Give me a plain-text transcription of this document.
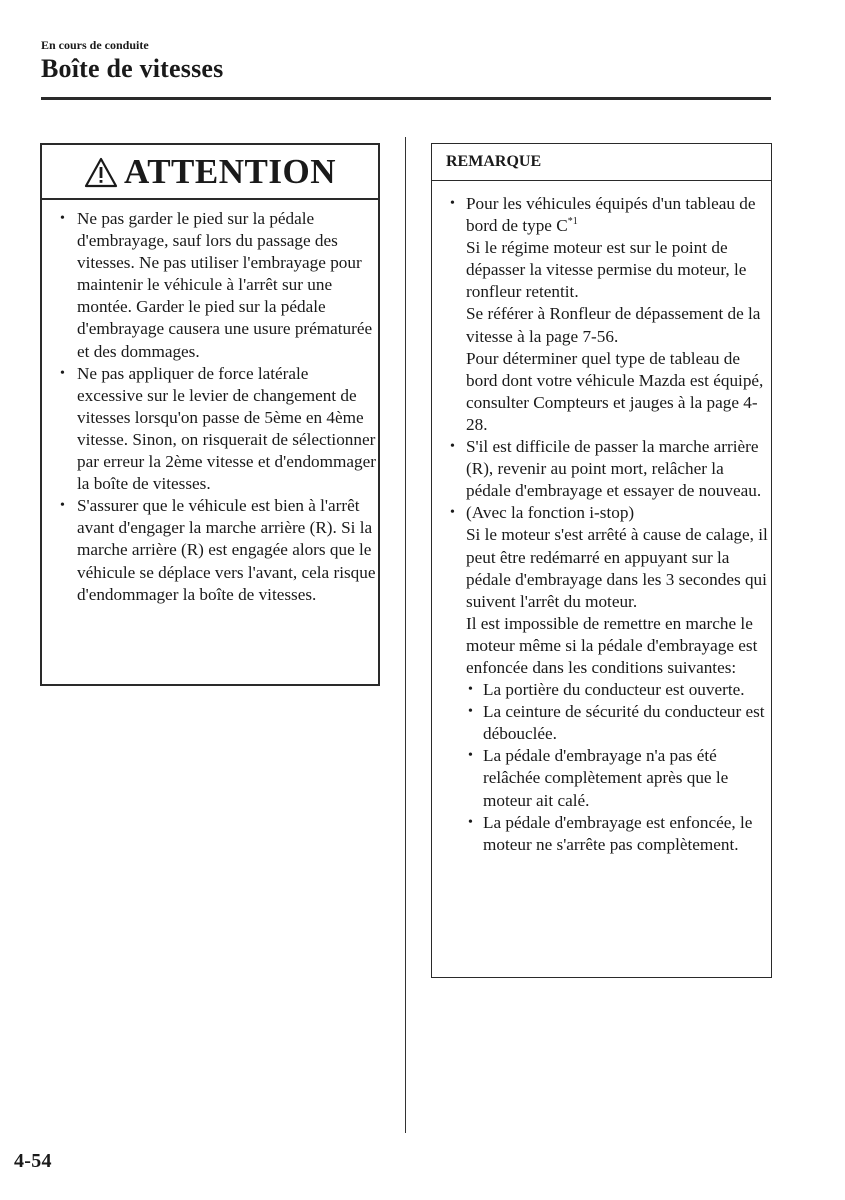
En cours de conduite
Boîte de vitesses
ATTENTION
• Ne pas garder le pied sur la pédale d'embrayage, sauf lors du passage des vitesses. Ne pas utiliser l'embrayage pour maintenir le véhicule à l'arrêt sur une montée. Garder le pied sur la pédale d'embrayage causera une usure prématurée et des dommages.
• Ne pas appliquer de force latérale excessive sur le levier de changement de vitesses lorsqu'on passe de 5ème en 4ème vitesse. Sinon, on risquerait de sélectionner par erreur la 2ème vitesse et d'endommager la boîte de vitesses.
• S'assurer que le véhicule est bien à l'arrêt avant d'engager la marche arrière (R). Si la marche arrière (R) est engagée alors que le véhicule se déplace vers l'avant, cela risque d'endommager la boîte de vitesses.
REMARQUE
• Pour les véhicules équipés d'un tableau de bord de type $C^{*1}$
Si le régime moteur est sur le point de dépasser la vitesse permise du moteur, le ronfleur retentit.
Se référer à Ronfleur de dépassement de la vitesse à la page 7-56.
Pour déterminer quel type de tableau de bord dont votre véhicule Mazda est équipé, consulter Compteurs et jauges à la page 4-28.
• S'il est difficile de passer la marche arrière (R), revenir au point mort, relâcher la pédale d'embrayage et essayer de nouveau.
• (Avec la fonction i-stop)
Si le moteur s'est arrêté à cause de calage, il peut être redémarré en appuyant sur la pédale d'embrayage dans les 3 secondes qui suivent l'arrêt du moteur.
Il est impossible de remettre en marche le moteur même si la pédale d'embrayage est enfoncée dans les conditions suivantes:
• La portière du conducteur est ouverte.
• La ceinture de sécurité du conducteur est débouclée.
• La pédale d'embrayage n'a pas été relâchée complètement après que le moteur ait calé.
• La pédale d'embrayage est enfoncée, le moteur ne s'arrête pas complètement.
4-54
